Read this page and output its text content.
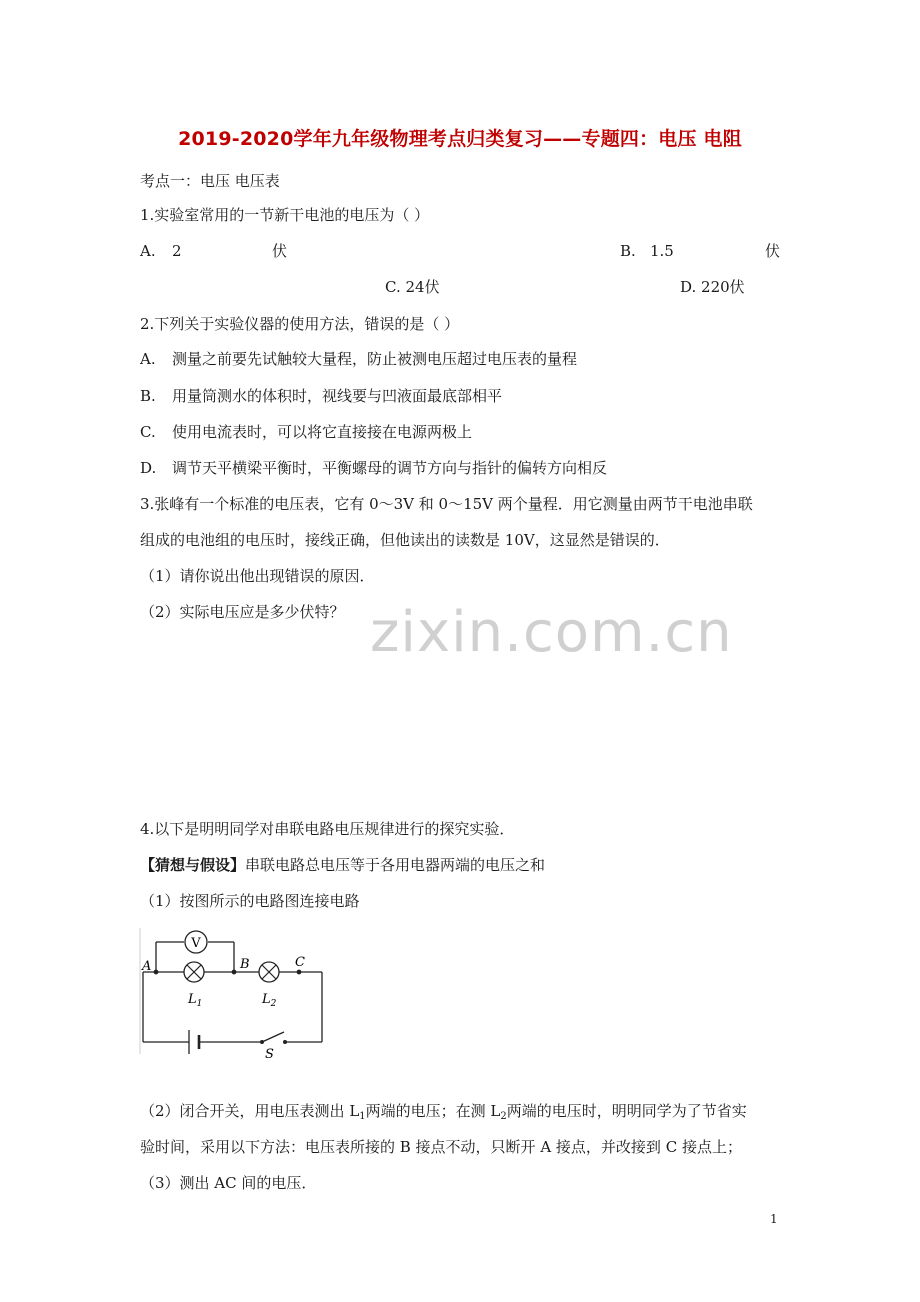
2019-2020学年九年级物理考点归类复习——专题四：电压 电阻
考点一：电压 电压表
1.实验室常用的一节新干电池的电压为（ ）
A. 2	伏	B. 1.5	伏
C. 24伏	D. 220伏
2.下列关于实验仪器的使用方法，错误的是（ ）
A. 测量之前要先试触较大量程，防止被测电压超过电压表的量程
B. 用量筒测水的体积时，视线要与凹液面最底部相平
C. 使用电流表时，可以将它直接接在电源两极上
D. 调节天平横梁平衡时，平衡螺母的调节方向与指针的偏转方向相反
3.张峰有一个标准的电压表，它有 0～3V 和 0～15V 两个量程．用它测量由两节干电池串联
组成的电池组的电压时，接线正确，但他读出的读数是 10V，这显然是错误的．
（1）请你说出他出现错误的原因．
（2）实际电压应是多少伏特？ zixin.com.cn
4.以下是明明同学对串联电路电压规律进行的探究实验．
【猜想与假设】串联电路总电压等于各用电器两端的电压之和
（1）按图所示的电路图连接电路
V
A	B	C
$L_1$	$L_2$
S
（2）闭合开关，用电压表测出 $L_1$两端的电压；在测 $L_2$两端的电压时，明明同学为了节省实
验时间，采用以下方法：电压表所接的 B 接点不动，只断开 A 接点，并改接到 C 接点上；
（3）测出 AC 间的电压．
1
